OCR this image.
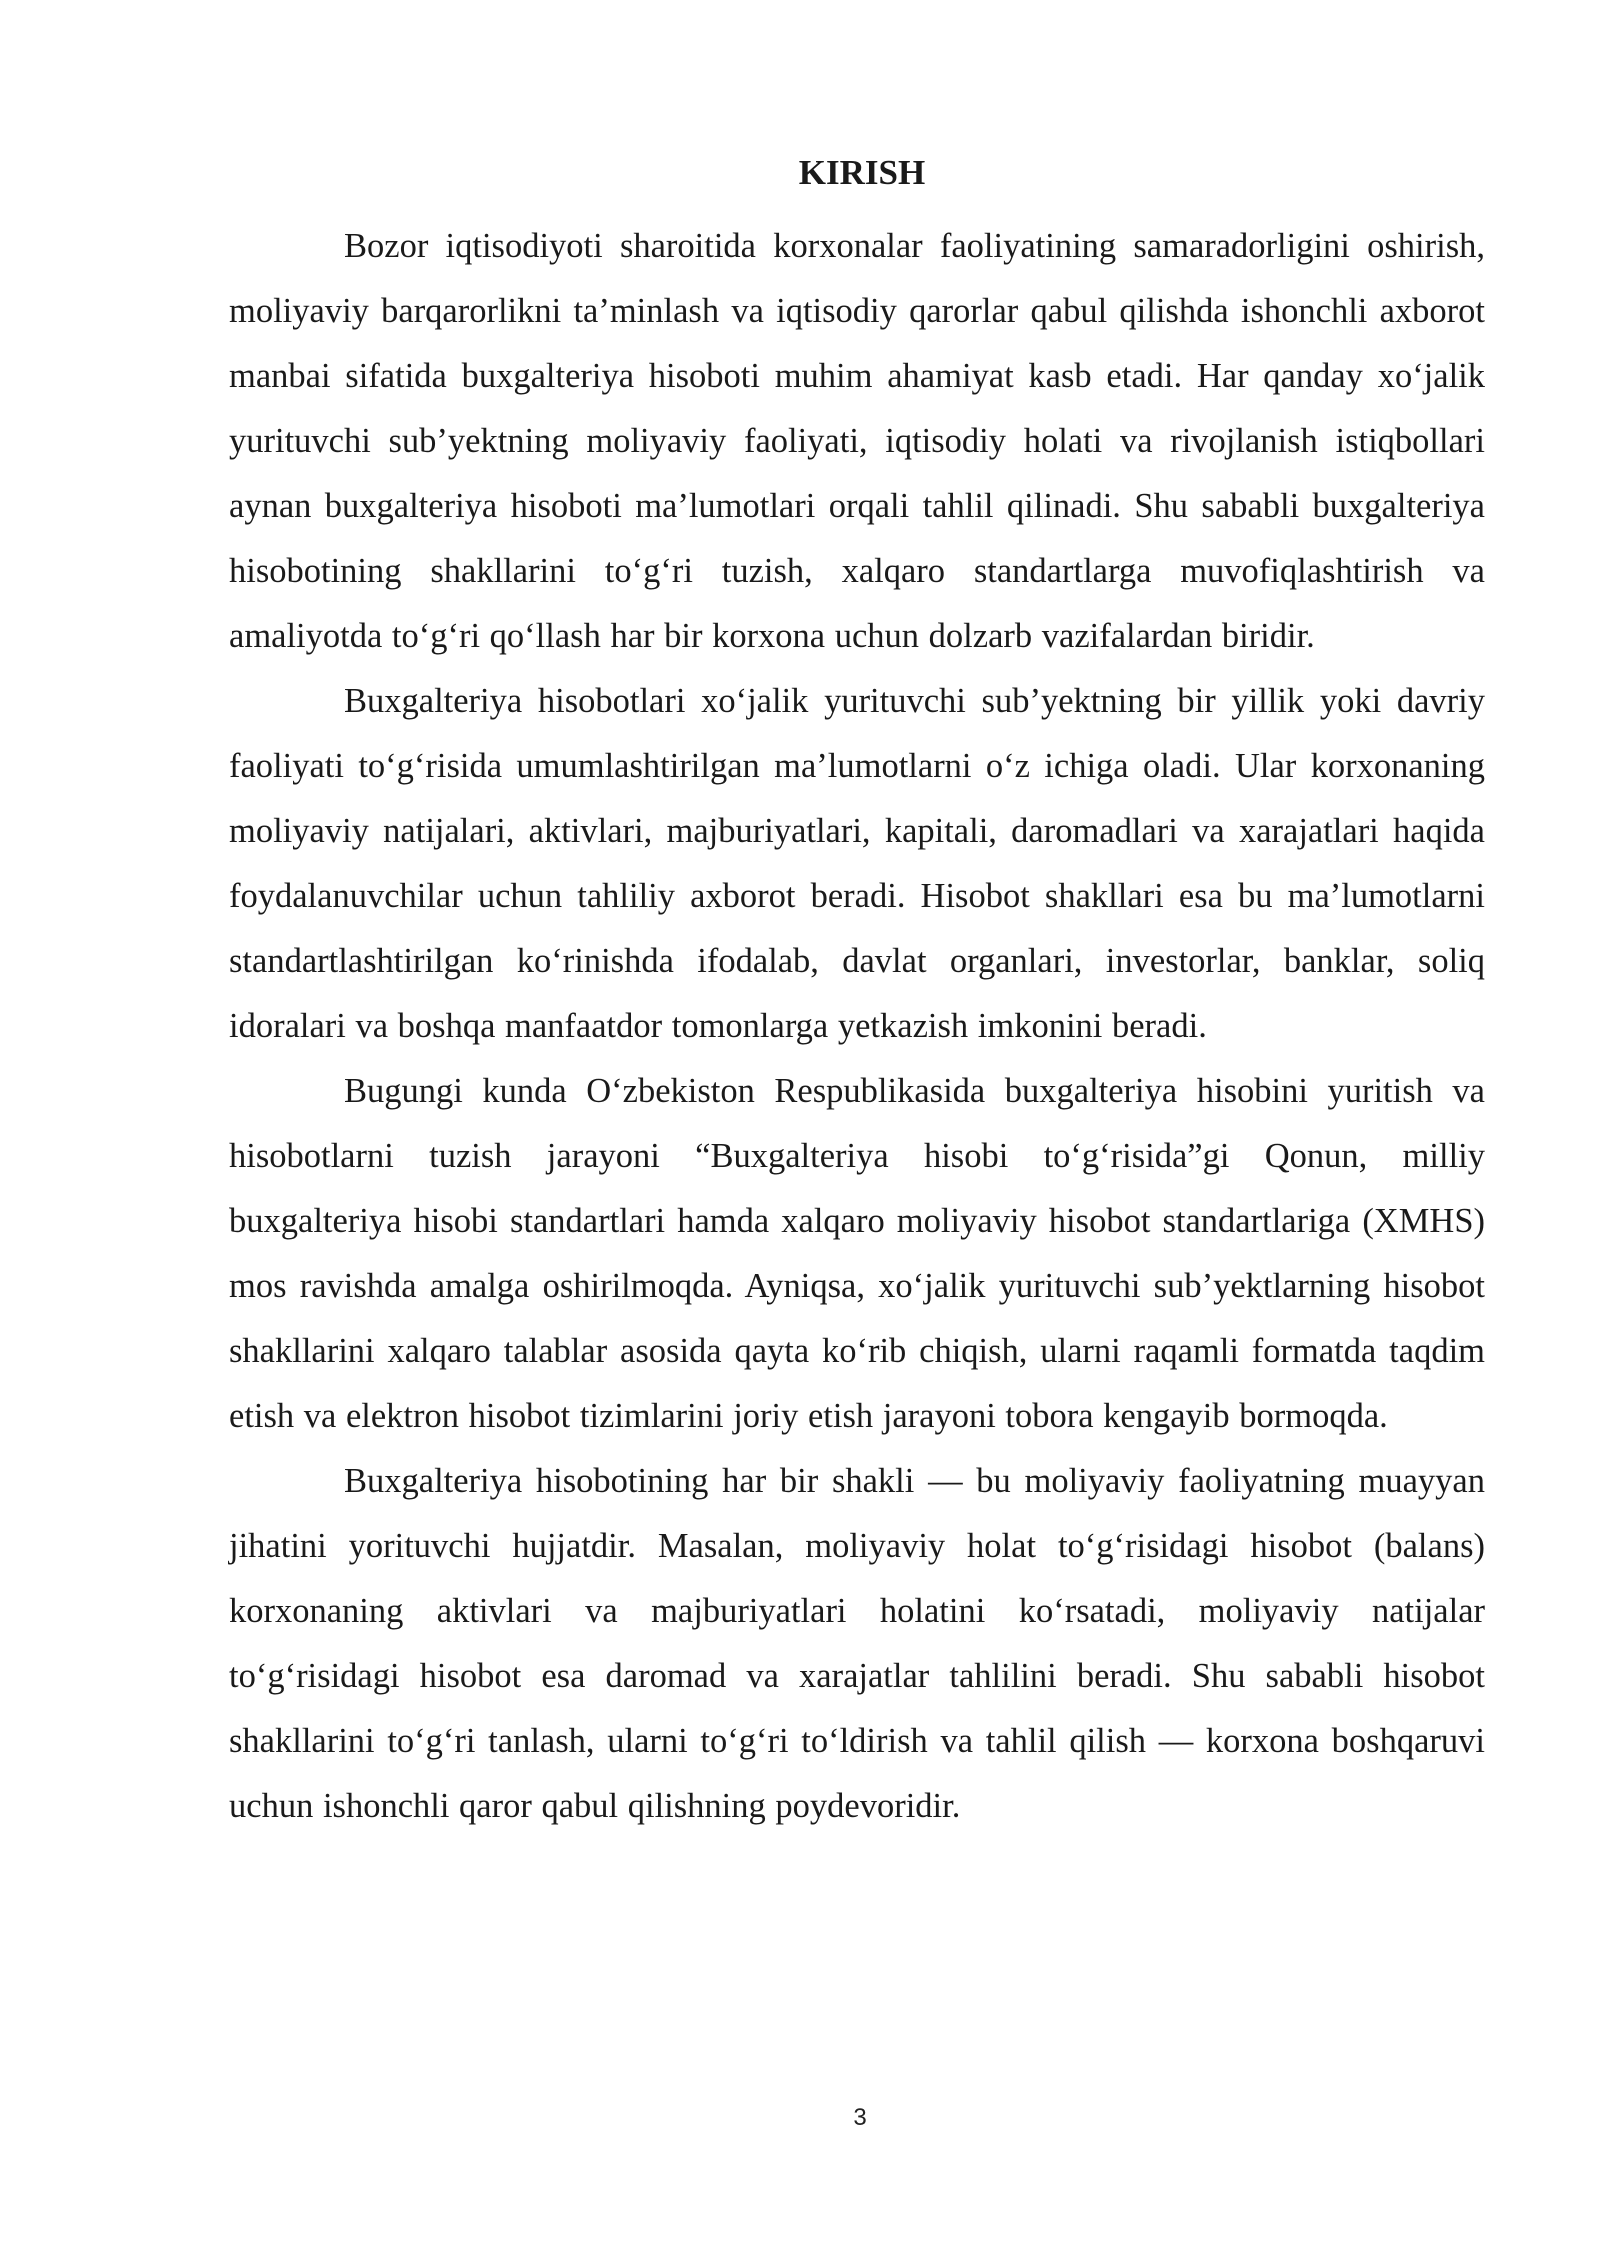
KIRISH

Bozor iqtisodiyoti sharoitida korxonalar faoliyatining samaradorligini oshirish, moliyaviy barqarorlikni ta’minlash va iqtisodiy qarorlar qabul qilishda ishonchli axborot manbai sifatida buxgalteriya hisoboti muhim ahamiyat kasb etadi. Har qanday xo‘jalik yurituvchi sub’yektning moliyaviy faoliyati, iqtisodiy holati va rivojlanish istiqbollari aynan buxgalteriya hisoboti ma’lumotlari orqali tahlil qilinadi. Shu sababli buxgalteriya hisobotining shakllarini to‘g‘ri tuzish, xalqaro standartlarga muvofiqlashtirish va amaliyotda to‘g‘ri qo‘llash har bir korxona uchun dolzarb vazifalardan biridir.

Buxgalteriya hisobotlari xo‘jalik yurituvchi sub’yektning bir yillik yoki davriy faoliyati to‘g‘risida umumlashtirilgan ma’lumotlarni o‘z ichiga oladi. Ular korxonaning moliyaviy natijalari, aktivlari, majburiyatlari, kapitali, daromadlari va xarajatlari haqida foydalanuvchilar uchun tahliliy axborot beradi. Hisobot shakllari esa bu ma’lumotlarni standartlashtirilgan ko‘rinishda ifodalab, davlat organlari, investorlar, banklar, soliq idoralari va boshqa manfaatdor tomonlarga yetkazish imkonini beradi.

Bugungi kunda O‘zbekiston Respublikasida buxgalteriya hisobini yuritish va hisobotlarni tuzish jarayoni “Buxgalteriya hisobi to‘g‘risida”gi Qonun, milliy buxgalteriya hisobi standartlari hamda xalqaro moliyaviy hisobot standartlariga (XMHS) mos ravishda amalga oshirilmoqda. Ayniqsa, xo‘jalik yurituvchi sub’yektlarning hisobot shakllarini xalqaro talablar asosida qayta ko‘rib chiqish, ularni raqamli formatda taqdim etish va elektron hisobot tizimlarini joriy etish jarayoni tobora kengayib bormoqda.

Buxgalteriya hisobotining har bir shakli — bu moliyaviy faoliyatning muayyan jihatini yorituvchi hujjatdir. Masalan, moliyaviy holat to‘g‘risidagi hisobot (balans) korxonaning aktivlari va majburiyatlari holatini ko‘rsatadi, moliyaviy natijalar to‘g‘risidagi hisobot esa daromad va xarajatlar tahlilini beradi. Shu sababli hisobot shakllarini to‘g‘ri tanlash, ularni to‘g‘ri to‘ldirish va tahlil qilish — korxona boshqaruvi uchun ishonchli qaror qabul qilishning poydevoridir.

3
